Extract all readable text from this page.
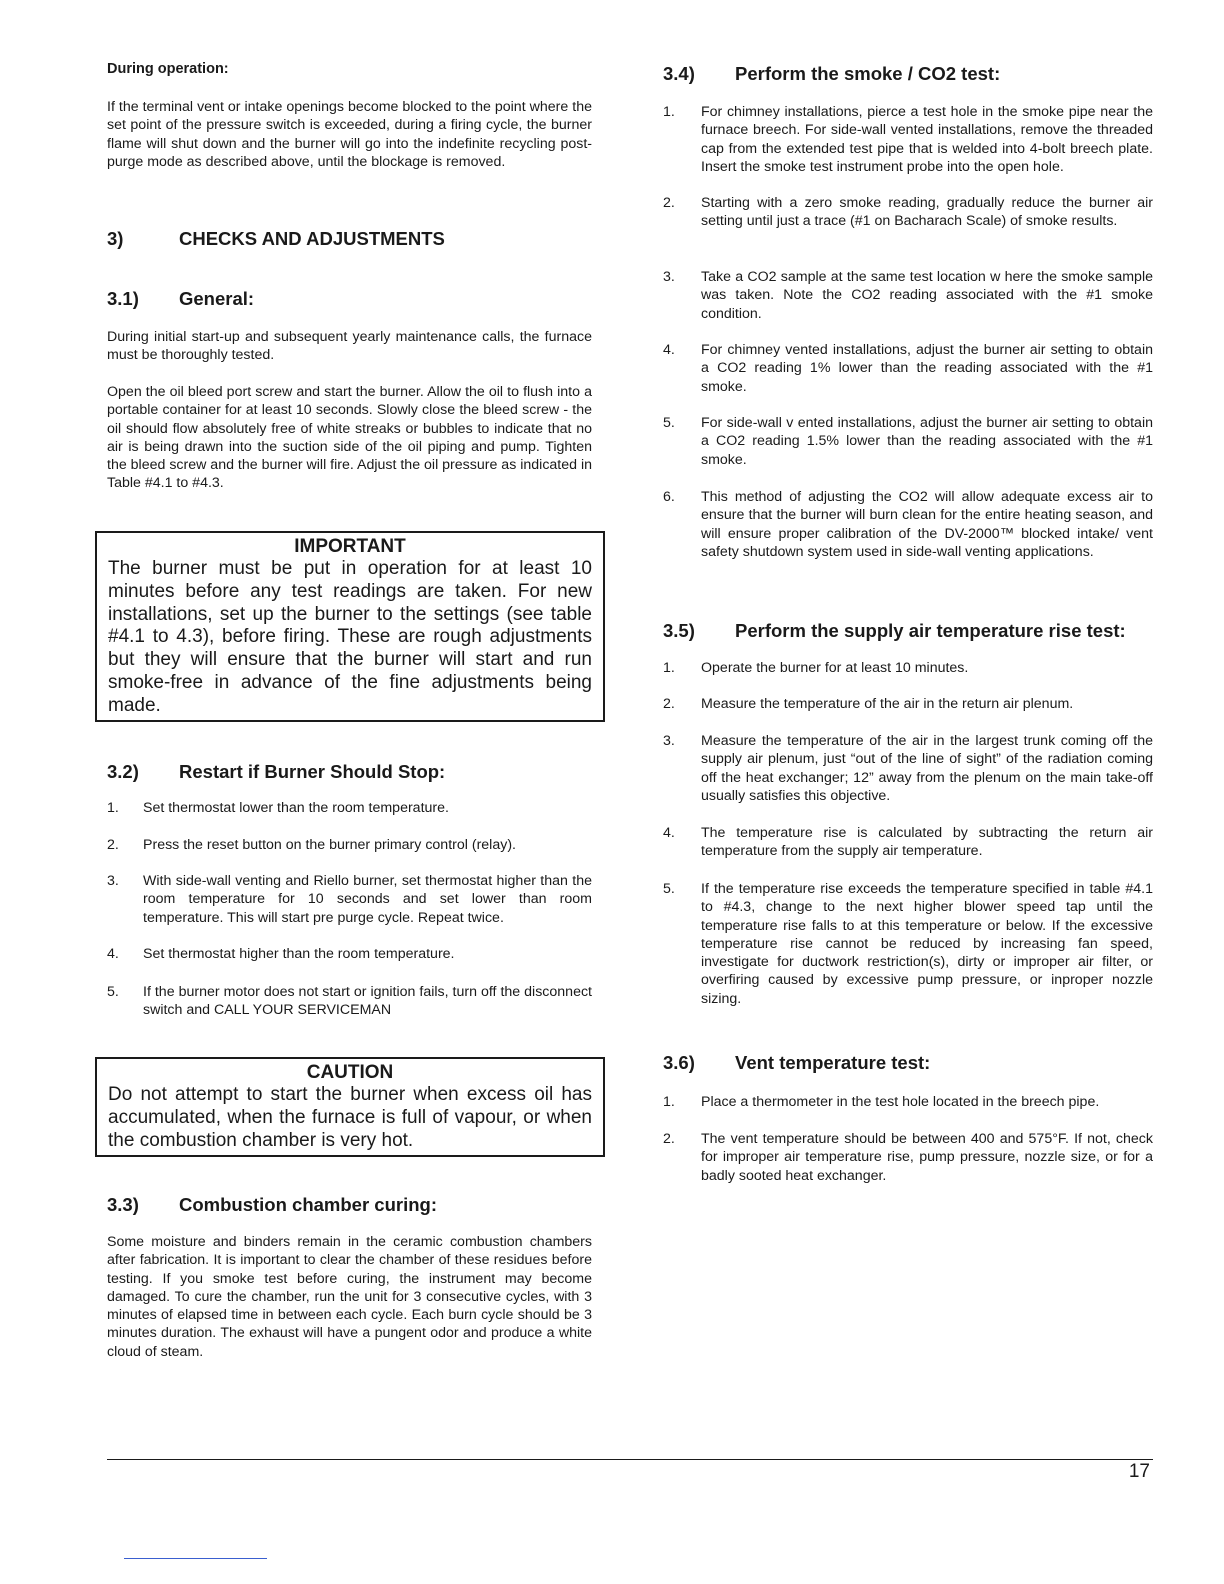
During operation:

If the terminal vent or intake openings become blocked to the point where the set point of the pressure switch is exceeded, during a firing cycle, the burner flame will shut down and the burner will go into the indefinite recycling post-purge mode as described above, until the blockage is removed.

3)	CHECKS AND ADJUSTMENTS
3.1) General:

During initial start-up and subsequent yearly maintenance calls, the furnace must be thoroughly tested.

Open the oil bleed port screw and start the burner. Allow the oil to flush into a portable container for at least 10 seconds. Slowly close the bleed screw - the oil should flow absolutely free of white streaks or bubbles to indicate that no air is being drawn into the suction side of the oil piping and pump. Tighten the bleed screw and the burner will fire. Adjust the oil pressure as indicated in Table #4.1 to #4.3.

IMPORTANT
The burner must be put in operation for at least 10 minutes before any test readings are taken. For new installations, set up the burner to the settings (see table #4.1 to 4.3), before firing. These are rough adjustments but they will ensure that the burner will start and run smoke-free in advance of the fine adjustments being made.
3.2) Restart if Burner Should Stop:
1. Set thermostat lower than the room temperature.
2. Press the reset button on the burner primary control (relay).
3. With side-wall venting and Riello burner, set thermostat higher than the room temperature for 10 seconds and set lower than room temperature. This will start pre purge cycle. Repeat twice.
4. Set thermostat higher than the room temperature.
5. If the burner motor does not start or ignition fails, turn off the disconnect switch and CALL YOUR SERVICEMAN
CAUTION
Do not attempt to start the burner when excess oil has accumulated, when the furnace is full of vapour, or when the combustion chamber is very hot.
3.3) Combustion chamber curing:

Some moisture and binders remain in the ceramic combustion chambers after fabrication. It is important to clear the chamber of these residues before testing. If you smoke test before curing, the instrument may become damaged. To cure the chamber, run the unit for 3 consecutive cycles, with 3 minutes of elapsed time in between each cycle. Each burn cycle should be 3 minutes duration. The exhaust will have a pungent odor and produce a white cloud of steam.

3.4) Perform the smoke / CO2 test:
1. For chimney installations, pierce a test hole in the smoke pipe near the furnace breech. For side-wall vented installations, remove the threaded cap from the extended test pipe that is welded into 4-bolt breech plate. Insert the smoke test instrument probe into the open hole.
2. Starting with a zero smoke reading, gradually reduce the burner air setting until just a trace (#1 on Bacharach Scale) of smoke results.
3. Take a CO2 sample at the same test location w here the smoke sample was taken. Note the CO2 reading associated with the #1 smoke condition.
4. For chimney vented installations, adjust the burner air setting to obtain a CO2 reading 1% lower than the reading associated with the #1 smoke.
5. For side-wall v ented installations, adjust the burner air setting to obtain a CO2 reading 1.5% lower than the reading associated with the #1 smoke.
6. This method of adjusting the CO2 will allow adequate excess air to ensure that the burner will burn clean for the entire heating season, and will ensure proper calibration of the DV-2000™ blocked intake/ vent safety shutdown system used in side-wall venting applications.
3.5) Perform the supply air temperature rise test:
1. Operate the burner for at least 10 minutes.
2. Measure the temperature of the air in the return air plenum.
3. Measure the temperature of the air in the largest trunk coming off the supply air plenum, just “out of the line of sight” of the radiation coming off the heat exchanger; 12” away from the plenum on the main take-off usually satisfies this objective.
4. The temperature rise is calculated by subtracting the return air temperature from the supply air temperature.
5. If the temperature rise exceeds the temperature specified in table #4.1 to #4.3, change to the next higher blower speed tap until the temperature rise falls to at this temperature or below. If the excessive temperature rise cannot be reduced by increasing fan speed, investigate for ductwork restriction(s), dirty or improper air filter, or overfiring caused by excessive pump pressure, or inproper nozzle sizing.
3.6) Vent temperature test:
1. Place a thermometer in the test hole located in the breech pipe.
2. The vent temperature should be between 400 and 575°F. If not, check for improper air temperature rise, pump pressure, nozzle size, or for a badly sooted heat exchanger.
17
